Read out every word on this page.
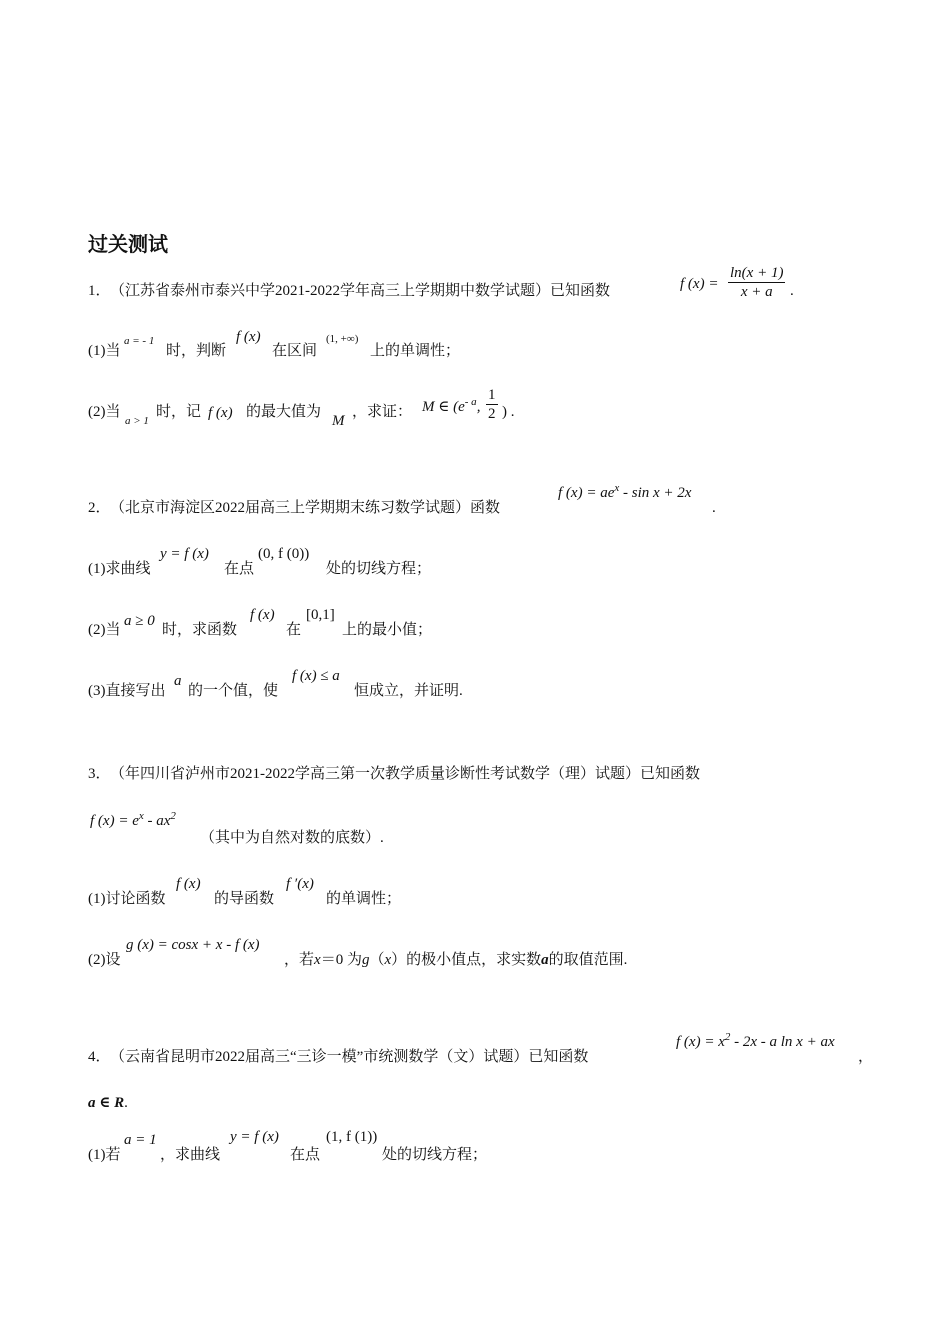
过关测试
1． （江苏省泰州市泰兴中学2021-2022学年高三上学期期中数学试题）已知函数	f $(x) = \frac{\ln(x + 1)}{x + a}$ .
(1)当
a = - 1
时，判断
f (x)
在区间
(1, +∞)
上的单调性；
(2)当
a > 1
时，记 f (x) 的最大值为
M
，求证： M ∈ ($e^{- a}$, $\frac{1}{2}$ ) .
2． （北京市海淀区2022届高三上学期期末练习数学试题）函数
f $(x) = ae^x - \sin x + 2x$
.
(1)求曲线
y = f (x)
在点
(0, f (0))
处的切线方程；
(2)当
a ≥ 0
时，求函数
f (x)
在
[0,1]
上的最小值；
(3)直接写出
a
的一个值，使
f (x) ≤ a
恒成立，并证明.
3． （年四川省泸州市2021-2022学高三第一次教学质量诊断性考试数学（理）试题）已知函数
f $(x) = e^x - ax^2$
（其中为自然对数的底数）.
(1)讨论函数
f (x)
的导函数
f ′(x)
的单调性；
(2)设
g (x) = cosx + x - f (x)
，若x＝0 为g（x）的极小值点，求实数a的取值范围.
4． （云南省昆明市2022届高三“三诊一模”市统测数学（文）试题）已知函数
f $(x) = x^2 - 2x - a$ ln x + ax
，
a ∈ R.
(1)若
a = 1
，求曲线
y = f (x)
在点
(1, f (1))
处的切线方程；
